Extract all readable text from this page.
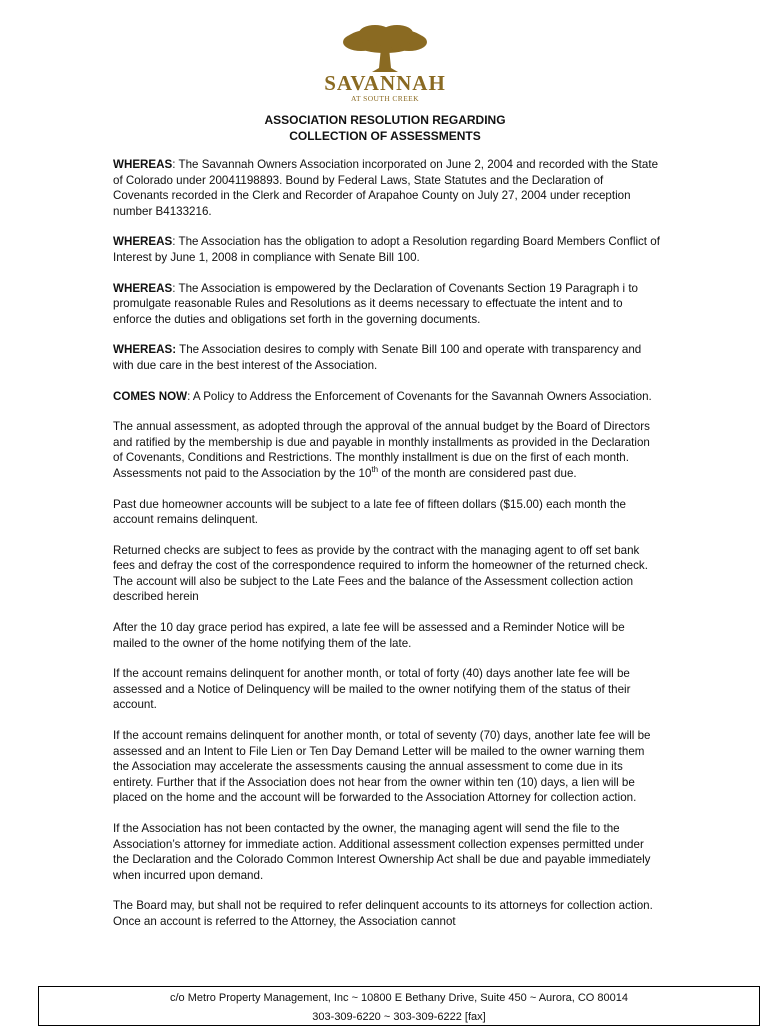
SAVANNAH
AT SOUTH CREEK
ASSOCIATION RESOLUTION REGARDING
COLLECTION OF ASSESSMENTS

WHEREAS: The Savannah Owners Association incorporated on June 2, 2004 and recorded with the State of Colorado under 20041198893. Bound by Federal Laws, State Statutes and the Declaration of Covenants recorded in the Clerk and Recorder of Arapahoe County on July 27, 2004 under reception number B4133216.

WHEREAS: The Association has the obligation to adopt a Resolution regarding Board Members Conflict of Interest by June 1, 2008 in compliance with Senate Bill 100.

WHEREAS: The Association is empowered by the Declaration of Covenants Section 19 Paragraph i to promulgate reasonable Rules and Resolutions as it deems necessary to effectuate the intent and to enforce the duties and obligations set forth in the governing documents.

WHEREAS: The Association desires to comply with Senate Bill 100 and operate with transparency and with due care in the best interest of the Association.

COMES NOW: A Policy to Address the Enforcement of Covenants for the Savannah Owners Association.

The annual assessment, as adopted through the approval of the annual budget by the Board of Directors and ratified by the membership is due and payable in monthly installments as provided in the Declaration of Covenants, Conditions and Restrictions. The monthly installment is due on the first of each month. Assessments not paid to the Association by the 10th of the month are considered past due.

Past due homeowner accounts will be subject to a late fee of fifteen dollars ($15.00) each month the account remains delinquent.

Returned checks are subject to fees as provide by the contract with the managing agent to off set bank fees and defray the cost of the correspondence required to inform the homeowner of the returned check. The account will also be subject to the Late Fees and the balance of the Assessment collection action described herein

After the 10 day grace period has expired, a late fee will be assessed and a Reminder Notice will be mailed to the owner of the home notifying them of the late.

If the account remains delinquent for another month, or total of forty (40) days another late fee will be assessed and a Notice of Delinquency will be mailed to the owner notifying them of the status of their account.

If the account remains delinquent for another month, or total of seventy (70) days, another late fee will be assessed and an Intent to File Lien or Ten Day Demand Letter will be mailed to the owner warning them the Association may accelerate the assessments causing the annual assessment to come due in its entirety. Further that if the Association does not hear from the owner within ten (10) days, a lien will be placed on the home and the account will be forwarded to the Association Attorney for collection action.

If the Association has not been contacted by the owner, the managing agent will send the file to the Association’s attorney for immediate action. Additional assessment collection expenses permitted under the Declaration and the Colorado Common Interest Ownership Act shall be due and payable immediately when incurred upon demand.

The Board may, but shall not be required to refer delinquent accounts to its attorneys for collection action. Once an account is referred to the Attorney, the Association cannot

c/o Metro Property Management, Inc ~ 10800 E Bethany Drive, Suite 450 ~ Aurora, CO 80014
303-309-6220 ~ 303-309-6222 [fax]
